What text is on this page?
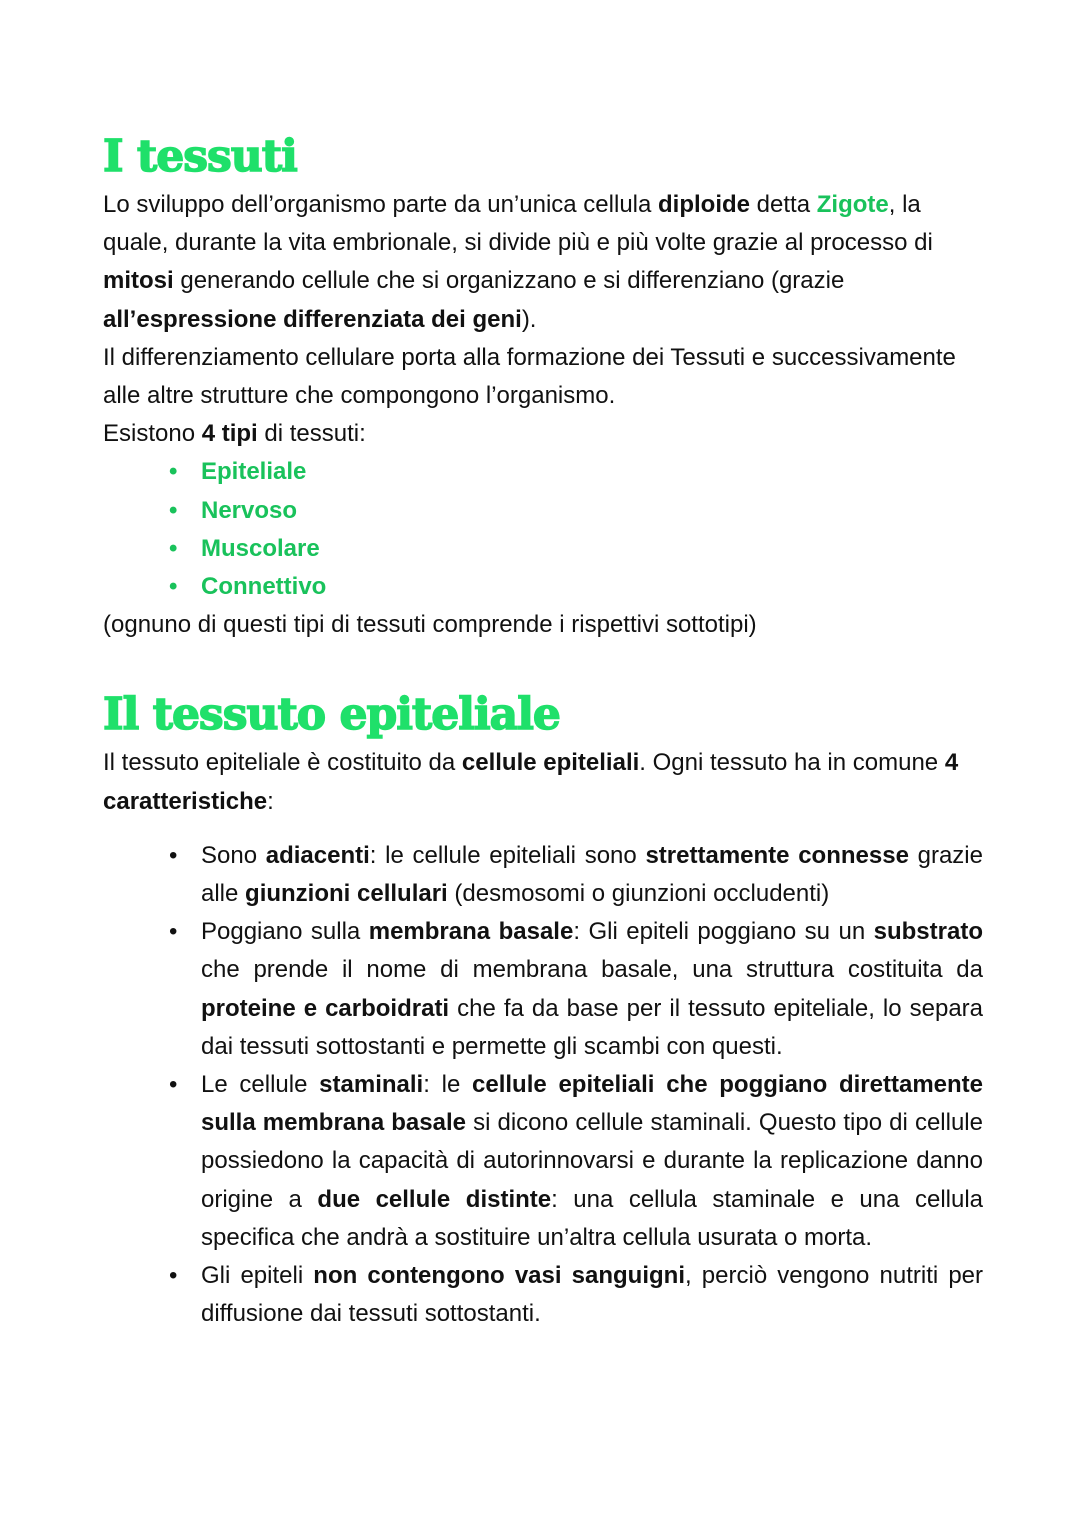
I tessuti

Lo sviluppo dell’organismo parte da un’unica cellula diploide detta Zigote, la quale, durante la vita embrionale, si divide più e più volte grazie al processo di mitosi generando cellule che si organizzano e si differenziano (grazie all’espressione differenziata dei geni).

Il differenziamento cellulare porta alla formazione dei Tessuti e successivamente alle altre strutture che compongono l’organismo.

Esistono 4 tipi di tessuti:

• Epiteliale
• Nervoso
• Muscolare
• Connettivo

(ognuno di questi tipi di tessuti comprende i rispettivi sottotipi)

Il tessuto epiteliale

Il tessuto epiteliale è costituito da cellule epiteliali. Ogni tessuto ha in comune 4 caratteristiche:

• Sono adiacenti: le cellule epiteliali sono strettamente connesse grazie alle giunzioni cellulari (desmosomi o giunzioni occludenti)
• Poggiano sulla membrana basale: Gli epiteli poggiano su un substrato che prende il nome di membrana basale, una struttura costituita da proteine e carboidrati che fa da base per il tessuto epiteliale, lo separa dai tessuti sottostanti e permette gli scambi con questi.
• Le cellule staminali: le cellule epiteliali che poggiano direttamente sulla membrana basale si dicono cellule staminali. Questo tipo di cellule possiedono la capacità di autorinnovarsi e durante la replicazione danno origine a due cellule distinte: una cellula staminale e una cellula specifica che andrà a sostituire un’altra cellula usurata o morta.
• Gli epiteli non contengono vasi sanguigni, perciò vengono nutriti per diffusione dai tessuti sottostanti.
